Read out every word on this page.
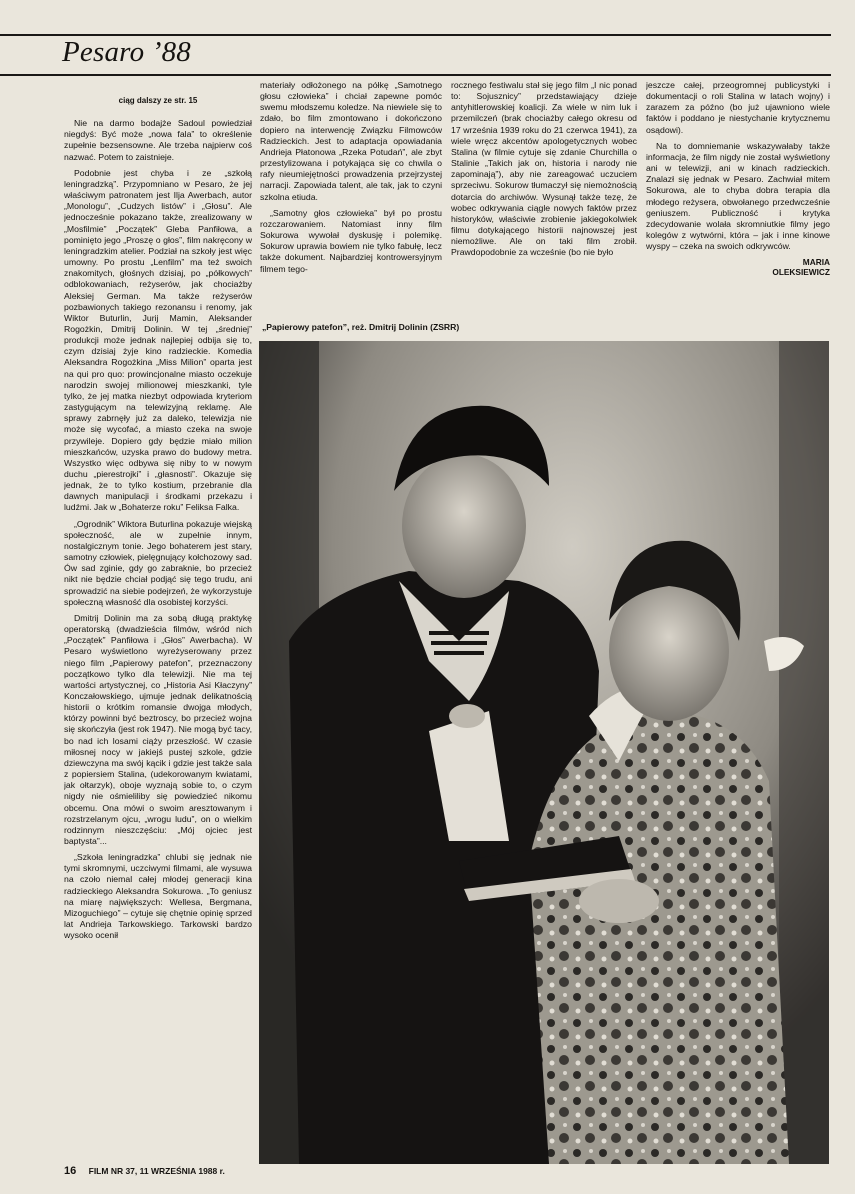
Pesaro ’88

ciąg dalszy ze str. 15

Nie na darmo bodajże Sadoul powiedział niegdyś: Być może „nowa fala” to określenie zupełnie bezsensowne. Ale trzeba najpierw coś nazwać. Potem to zaistnieje.

Podobnie jest chyba i ze „szkołą leningradzką”. Przypomniano w Pesaro, że jej właściwym patronatem jest Ilja Awerbach, autor „Monologu”, „Cudzych listów” i „Głosu”. Ale jednocześnie pokazano także, zrealizowany w „Mosfilmie” „Początek” Gleba Panfiłowa, a pominięto jego „Proszę o głos”, film nakręcony w leningradzkim atelier. Podział na szkoły jest więc umowny. Po prostu „Lenfilm” ma też swoich znakomitych, głośnych dzisiaj, po „półkowych” odblokowaniach, reżyserów, jak chociażby Aleksiej German. Ma także reżyserów pozbawionych takiego rezonansu i renomy, jak Wiktor Buturlin, Jurij Mamin, Aleksander Rogożkin, Dmitrij Dolinin. W tej „średniej” produkcji może jednak najlepiej odbija się to, czym dzisiaj żyje kino radzieckie. Komedia Aleksandra Rogożkina „Miss Milion” oparta jest na qui pro quo: prowincjonalne miasto oczekuje narodzin swojej milionowej mieszkanki, tyle tylko, że jej matka niezbyt odpowiada kryteriom zastygującym na telewizyjną reklamę. Ale sprawy zabrnęły już za daleko, telewizja nie może się wycofać, a miasto czeka na swoje przywileje. Dopiero gdy będzie miało milion mieszkańców, uzyska prawo do budowy metra. Wszystko więc odbywa się niby to w nowym duchu „pierestrojki” i „głasnosti”. Okazuje się jednak, że to tylko kostium, przebranie dla dawnych manipulacji i środkami przekazu i ludźmi. Jak w „Bohaterze roku” Feliksa Falka.

„Ogrodnik” Wiktora Buturlina pokazuje wiejską społeczność, ale w zupełnie innym, nostalgicznym tonie. Jego bohaterem jest stary, samotny człowiek, pielęgnujący kołchozowy sad. Ów sad zginie, gdy go zabraknie, bo przecież nikt nie będzie chciał podjąć się tego trudu, ani sprowadzić na siebie podejrzeń, że wykorzystuje społeczną własność dla osobistej korzyści.

Dmitrij Dolinin ma za sobą długą praktykę operatorską (dwadzieścia filmów, wśród nich „Początek” Panfiłowa i „Głos” Awerbacha). W Pesaro wyświetlono wyreżyserowany przez niego film „Papierowy patefon”, przeznaczony początkowo tylko dla telewizji. Nie ma tej wartości artystycznej, co „Historia Asi Kłaczyny” Konczałowskiego, ujmuje jednak delikatnością historii o krótkim romansie dwojga młodych, którzy powinni być beztroscy, bo przecież wojna się skończyła (jest rok 1947). Nie mogą być tacy, bo nad ich losami ciąży przeszłość. W czasie miłosnej nocy w jakiejś pustej szkole, gdzie dziewczyna ma swój kącik i gdzie jest także sala z popiersiem Stalina, (udekorowanym kwiatami, jak ołtarzyk), oboje wyznają sobie to, o czym nigdy nie ośmieliliby się powiedzieć nikomu obcemu. Ona mówi o swoim aresztowanym i rozstrzelanym ojcu, „wrogu ludu”, on o wielkim rodzinnym nieszczęściu: „Mój ojciec jest baptysta”...

„Szkoła leningradzka” chlubi się jednak nie tymi skromnymi, uczciwymi filmami, ale wysuwa na czoło niemal całej młodej generacji kina radzieckiego Aleksandra Sokurowa. „To geniusz na miarę największych: Wellesa, Bergmana, Mizoguchiego” – cytuje się chętnie opinię sprzed lat Andrieja Tarkowskiego. Tarkowski bardzo wysoko ocenił

materiały odłożonego na półkę „Samotnego głosu człowieka” i chciał zapewne pomóc swemu młodszemu koledze. Na niewiele się to zdało, bo film zmontowano i dokończono dopiero na interwencję Związku Filmowców Radzieckich. Jest to adaptacja opowiadania Andrieja Płatonowa „Rzeka Potudań”, ale zbyt przestylizowana i potykająca się co chwila o rafy nieumiejętności prowadzenia przejrzystej narracji. Zapowiada talent, ale tak, jak to czyni szkolna etiuda.

„Samotny głos człowieka” był po prostu rozczarowaniem. Natomiast inny film Sokurowa wywołał dyskusję i polemikę. Sokurow uprawia bowiem nie tylko fabułę, lecz także dokument. Najbardziej kontrowersyjnym filmem tego-

rocznego festiwalu stał się jego film „I nic ponad to: Sojusznicy” przedstawiający dzieje antyhitlerowskiej koalicji. Za wiele w nim luk i przemilczeń (brak chociażby całego okresu od 17 września 1939 roku do 21 czerwca 1941), za wiele wręcz akcentów apologetycznych wobec Stalina (w filmie cytuje się zdanie Churchilla o Stalinie „Takich jak on, historia i narody nie zapominają”), aby nie zareagować uczuciem sprzeciwu. Sokurow tłumaczył się niemożnością dotarcia do archiwów. Wysunął także tezę, że wobec odkrywania ciągle nowych faktów przez historyków, właściwie zrobienie jakiegokolwiek filmu dotykającego historii najnowszej jest niemożliwe. Ale on taki film zrobił. Prawdopodobnie za wcześnie (bo nie było

jeszcze całej, przeogromnej publicystyki i dokumentacji o roli Stalina w latach wojny) i zarazem za późno (bo już ujawniono wiele faktów i poddano je niestychanie krytycznemu osądowi).

Na to domniemanie wskazywałaby także informacja, że film nigdy nie został wyświetlony ani w telewizji, ani w kinach radzieckich. Znalazł się jednak w Pesaro. Zachwiał mitem Sokurowa, ale to chyba dobra terapia dla młodego reżysera, obwołanego przedwcześnie geniuszem. Publiczność i krytyka zdecydowanie wolała skromniutkie filmy jego kolegów z wytwórni, która – jak i inne kinowe wyspy – czeka na swoich odkrywców.

MARIA
OLEKSIEWICZ
„Papierowy patefon”, reż. Dmitrij Dolinin (ZSRR)
16 FILM NR 37, 11 WRZEŚNIA 1988 r.
